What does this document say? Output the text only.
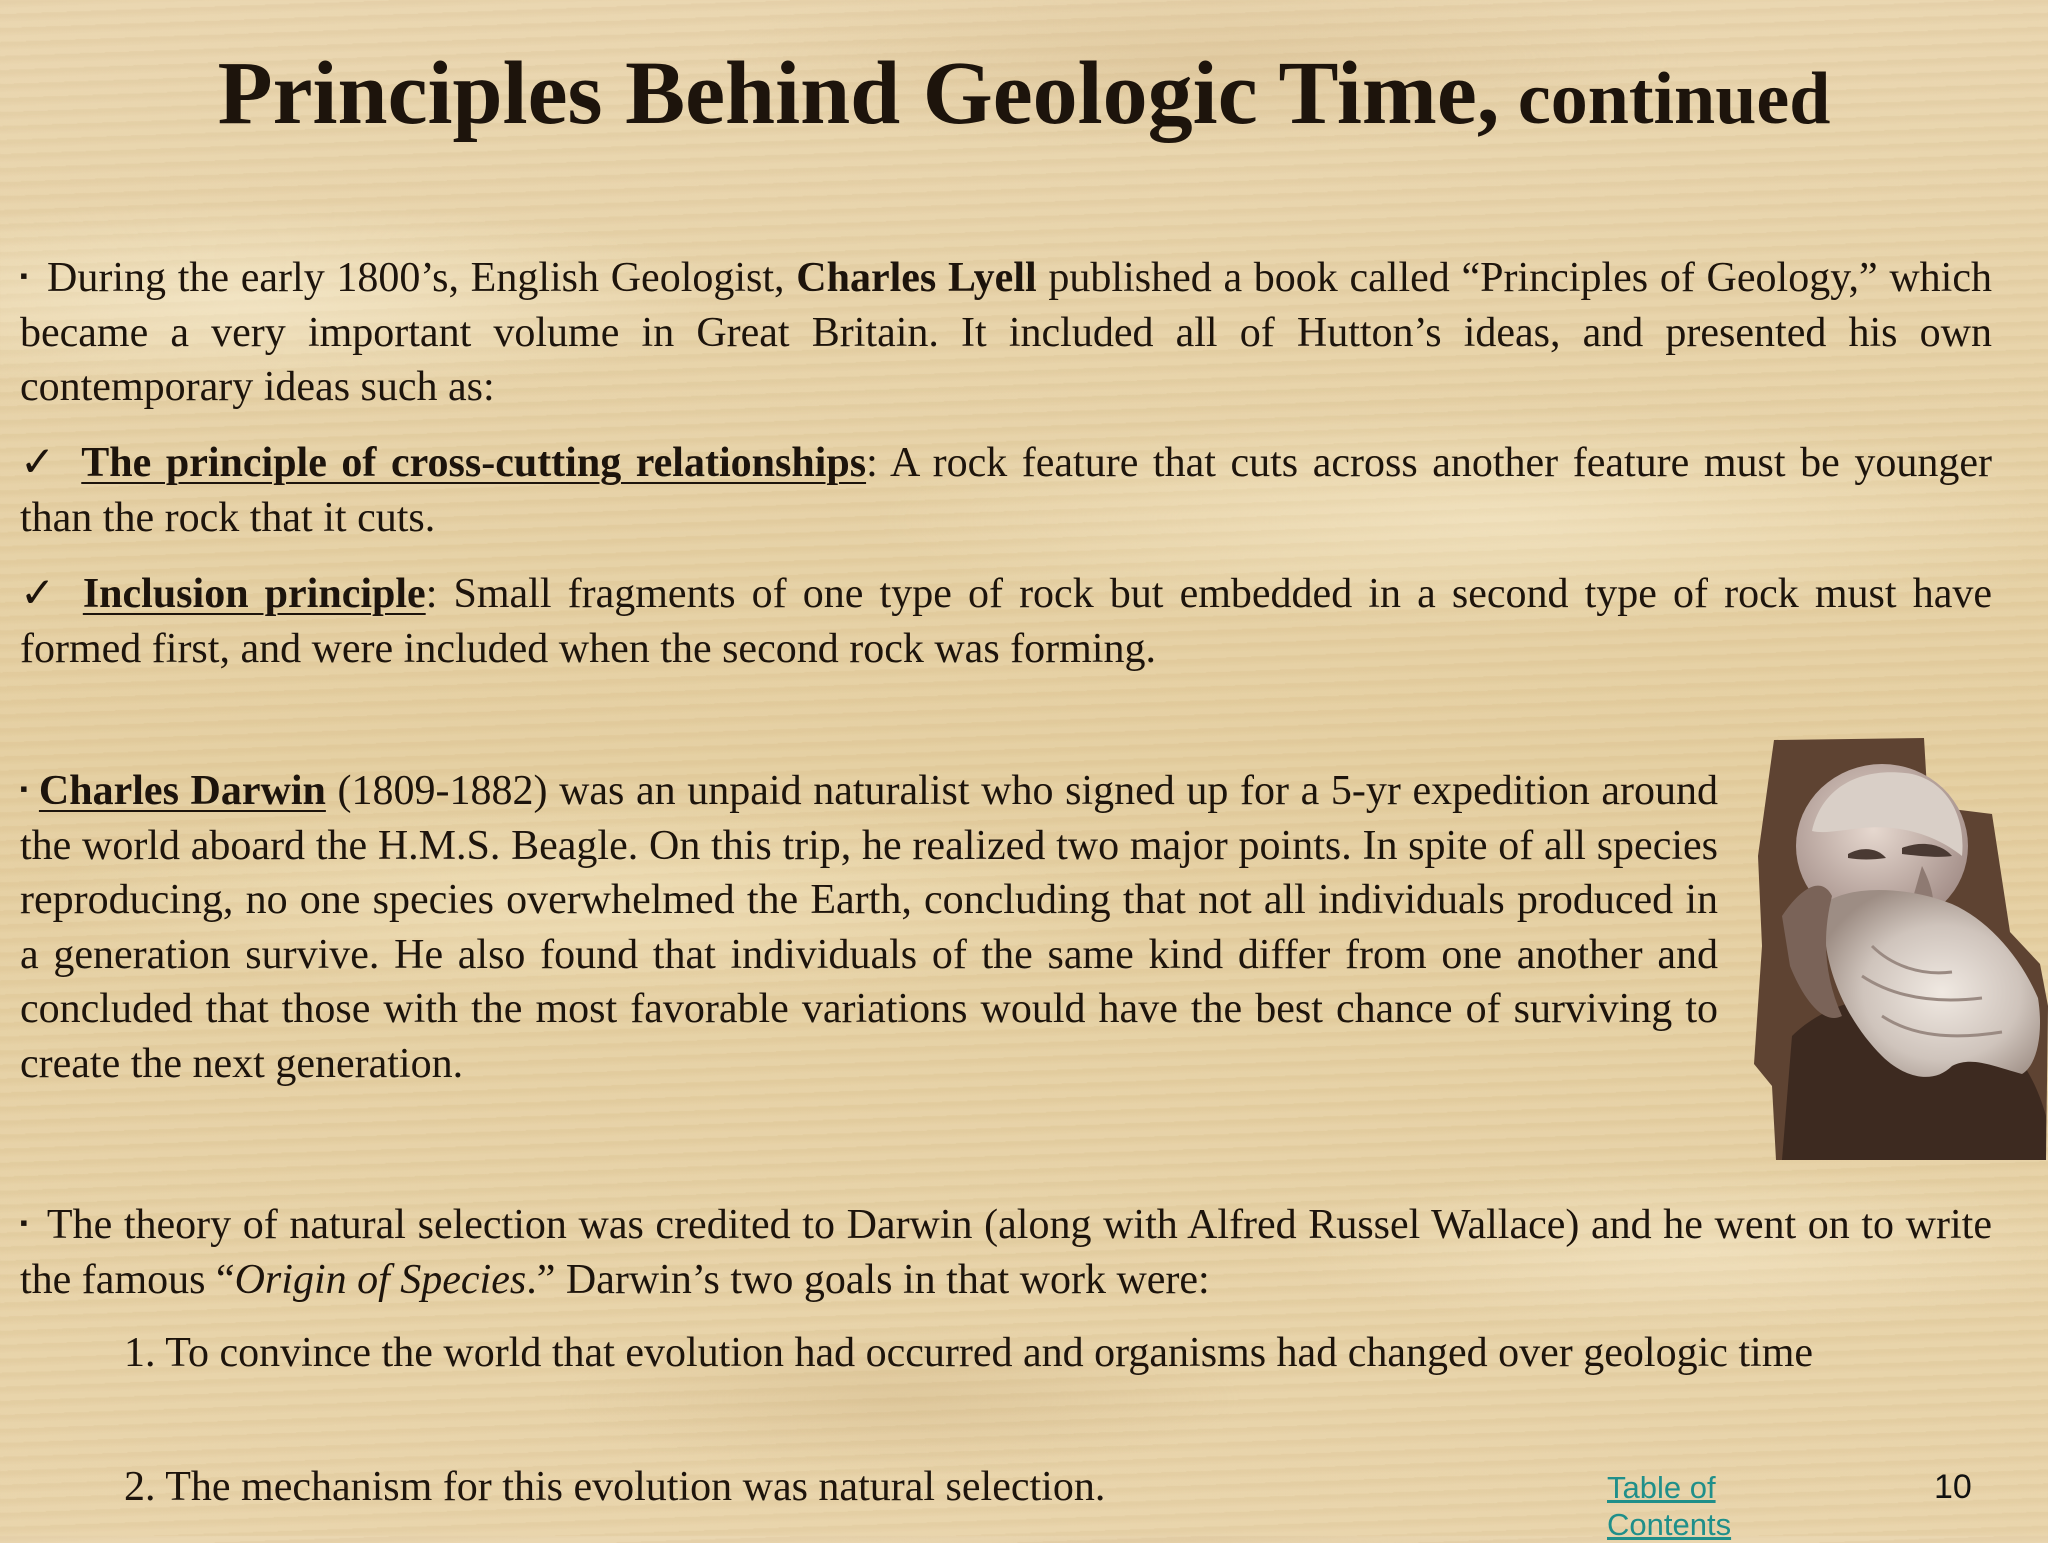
Principles Behind Geologic Time, continued

▪ During the early 1800’s, English Geologist, Charles Lyell published a book called “Principles of Geology,” which became a very important volume in Great Britain. It included all of Hutton’s ideas, and presented his own contemporary ideas such as:

✓ The principle of cross-cutting relationships: A rock feature that cuts across another feature must be younger than the rock that it cuts.

✓ Inclusion principle: Small fragments of one type of rock but embedded in a second type of rock must have formed first, and were included when the second rock was forming.

▪ Charles Darwin (1809-1882) was an unpaid naturalist who signed up for a 5-yr expedition around the world aboard the H.M.S. Beagle. On this trip, he realized two major points. In spite of all species reproducing, no one species overwhelmed the Earth, concluding that not all individuals produced in a generation survive. He also found that individuals of the same kind differ from one another and concluded that those with the most favorable variations would have the best chance of surviving to create the next generation.

▪ The theory of natural selection was credited to Darwin (along with Alfred Russel Wallace) and he went on to write the famous “Origin of Species.” Darwin’s two goals in that work were:

1. To convince the world that evolution had occurred and organisms had changed over geologic time

2. The mechanism for this evolution was natural selection.	Table of Contents
10
